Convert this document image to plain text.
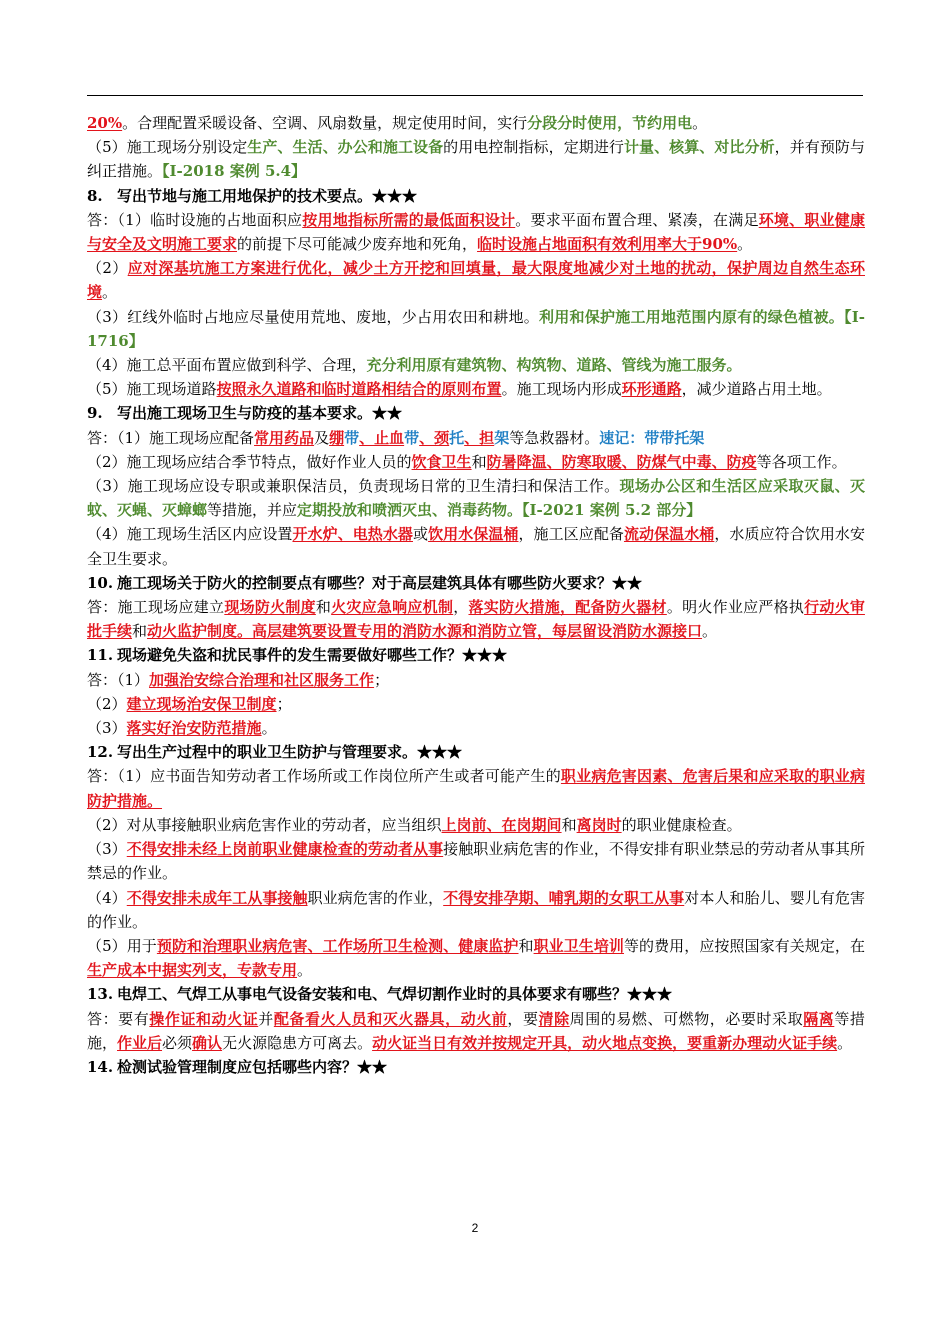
20%。合理配置采暖设备、空调、风扇数量，规定使用时间，实行分段分时使用，节约用电。

（5）施工现场分别设定生产、生活、办公和施工设备的用电控制指标，定期进行计量、核算、对比分析，并有预防与纠正措施。【I-2018 案例 5.4】

8. 写出节地与施工用地保护的技术要点。★★★

答：（1）临时设施的占地面积应按用地指标所需的最低面积设计。要求平面布置合理、紧凑，在满足环境、职业健康与安全及文明施工要求的前提下尽可能减少废弃地和死角，临时设施占地面积有效利用率大于90%。

（2）应对深基坑施工方案进行优化，减少土方开挖和回填量，最大限度地减少对土地的扰动，保护周边自然生态环境。

（3）红线外临时占地应尽量使用荒地、废地，少占用农田和耕地。利用和保护施工用地范围内原有的绿色植被。【I-1716】

（4）施工总平面布置应做到科学、合理，充分利用原有建筑物、构筑物、道路、管线为施工服务。

（5）施工现场道路按照永久道路和临时道路相结合的原则布置。施工现场内形成环形通路，减少道路占用土地。

9. 写出施工现场卫生与防疫的基本要求。★★

答：（1）施工现场应配备常用药品及绷带、止血带、颈托、担架等急救器材。速记：带带托架

（2）施工现场应结合季节特点，做好作业人员的饮食卫生和防暑降温、防寒取暖、防煤气中毒、防疫等各项工作。

（3）施工现场应设专职或兼职保洁员，负责现场日常的卫生清扫和保洁工作。现场办公区和生活区应采取灭鼠、灭蚊、灭蝇、灭蟑螂等措施，并应定期投放和喷洒灭虫、消毒药物。【I-2021 案例 5.2 部分】

（4）施工现场生活区内应设置开水炉、电热水器或饮用水保温桶，施工区应配备流动保温水桶，水质应符合饮用水安全卫生要求。

10. 施工现场关于防火的控制要点有哪些？对于高层建筑具体有哪些防火要求？★★

答：施工现场应建立现场防火制度和火灾应急响应机制，落实防火措施，配备防火器材。明火作业应严格执行动火审批手续和动火监护制度。高层建筑要设置专用的消防水源和消防立管，每层留设消防水源接口。

11. 现场避免失盗和扰民事件的发生需要做好哪些工作？★★★

答：（1）加强治安综合治理和社区服务工作；

（2）建立现场治安保卫制度；

（3）落实好治安防范措施。

12. 写出生产过程中的职业卫生防护与管理要求。★★★

答：（1）应书面告知劳动者工作场所或工作岗位所产生或者可能产生的职业病危害因素、危害后果和应采取的职业病防护措施。

（2）对从事接触职业病危害作业的劳动者，应当组织上岗前、在岗期间和离岗时的职业健康检查。

（3）不得安排未经上岗前职业健康检查的劳动者从事接触职业病危害的作业，不得安排有职业禁忌的劳动者从事其所禁忌的作业。

（4）不得安排未成年工从事接触职业病危害的作业，不得安排孕期、哺乳期的女职工从事对本人和胎儿、婴儿有危害的作业。

（5）用于预防和治理职业病危害、工作场所卫生检测、健康监护和职业卫生培训等的费用，应按照国家有关规定，在生产成本中据实列支，专款专用。

13. 电焊工、气焊工从事电气设备安装和电、气焊切割作业时的具体要求有哪些？★★★

答：要有操作证和动火证并配备看火人员和灭火器具，动火前，要清除周围的易燃、可燃物，必要时采取隔离等措施，作业后必须确认无火源隐患方可离去。动火证当日有效并按规定开具，动火地点变换，要重新办理动火证手续。

14. 检测试验管理制度应包括哪些内容？★★

2
